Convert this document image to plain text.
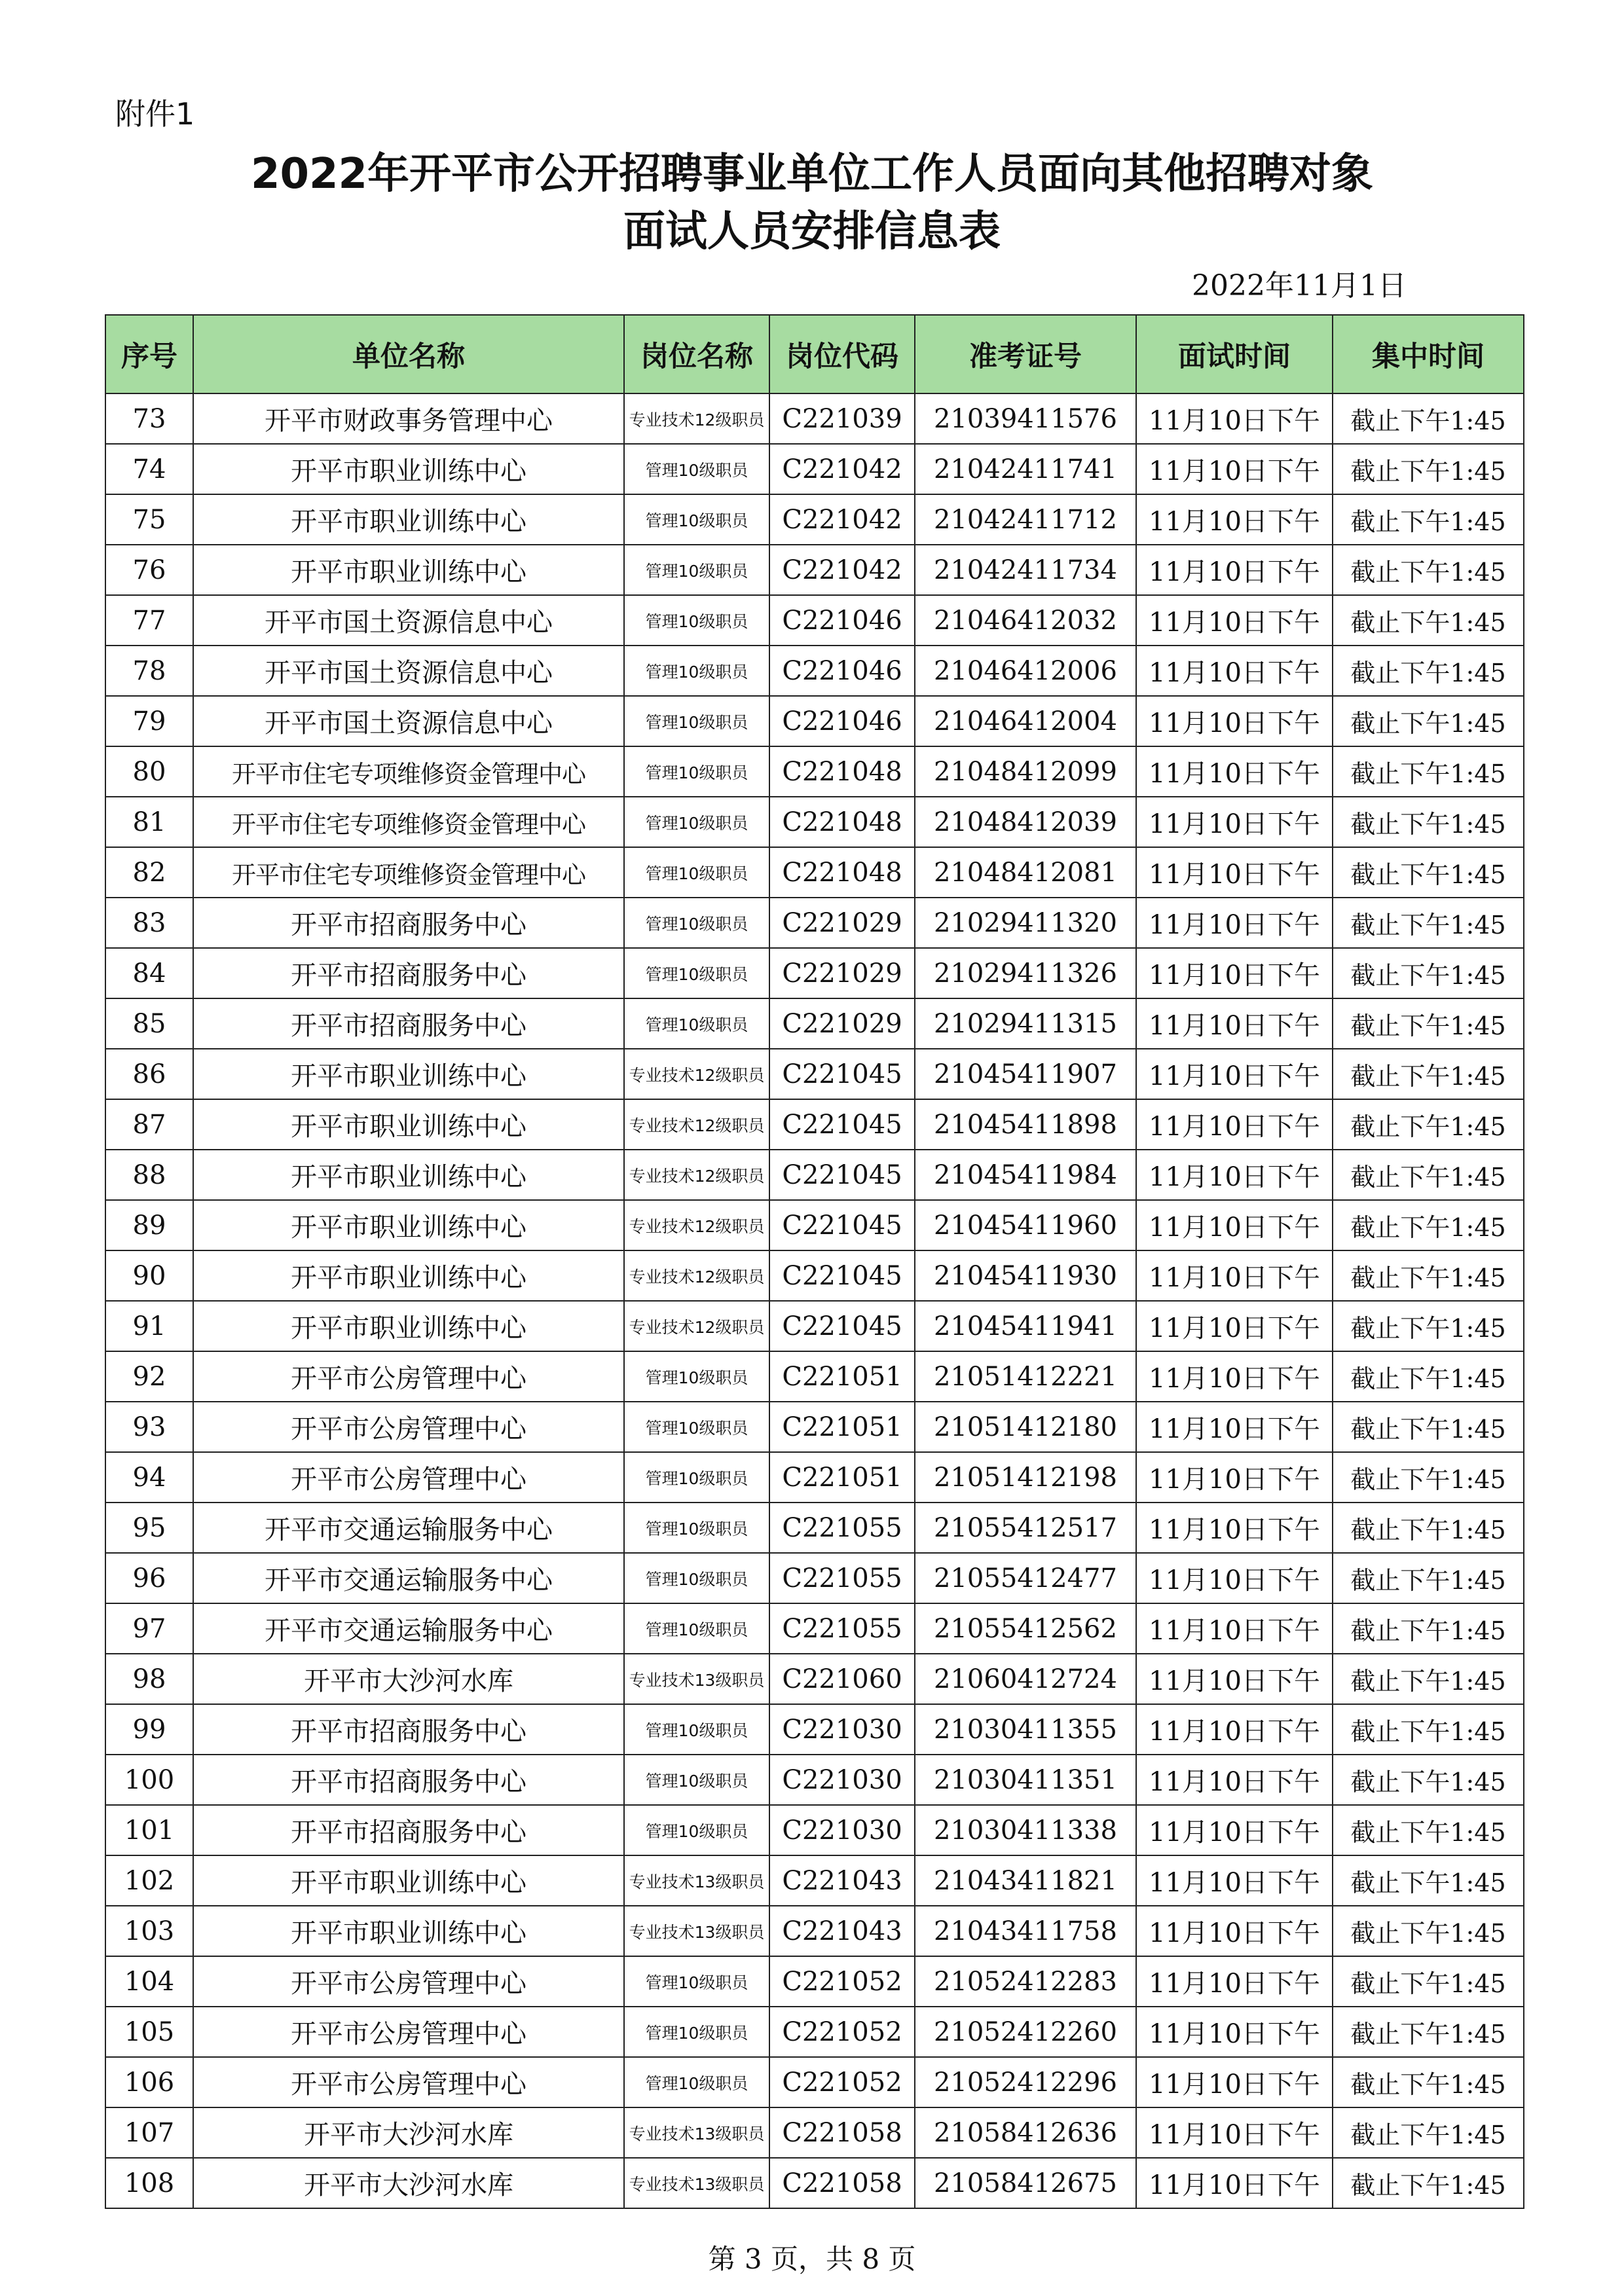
附件1
2022年开平市公开招聘事业单位工作人员面向其他招聘对象
面试人员安排信息表
2022年11月1日
序号	单位名称	岗位名称	岗位代码	准考证号	面试时间	集中时间
73	开平市财政事务管理中心	专业技术12级职员	C221039	21039411576	11月10日下午	截止下午1:45
74	开平市职业训练中心	管理10级职员	C221042	21042411741	11月10日下午	截止下午1:45
75	开平市职业训练中心	管理10级职员	C221042	21042411712	11月10日下午	截止下午1:45
76	开平市职业训练中心	管理10级职员	C221042	21042411734	11月10日下午	截止下午1:45
77	开平市国土资源信息中心	管理10级职员	C221046	21046412032	11月10日下午	截止下午1:45
78	开平市国土资源信息中心	管理10级职员	C221046	21046412006	11月10日下午	截止下午1:45
79	开平市国土资源信息中心	管理10级职员	C221046	21046412004	11月10日下午	截止下午1:45
80	开平市住宅专项维修资金管理中心	管理10级职员	C221048	21048412099	11月10日下午	截止下午1:45
81	开平市住宅专项维修资金管理中心	管理10级职员	C221048	21048412039	11月10日下午	截止下午1:45
82	开平市住宅专项维修资金管理中心	管理10级职员	C221048	21048412081	11月10日下午	截止下午1:45
83	开平市招商服务中心	管理10级职员	C221029	21029411320	11月10日下午	截止下午1:45
84	开平市招商服务中心	管理10级职员	C221029	21029411326	11月10日下午	截止下午1:45
85	开平市招商服务中心	管理10级职员	C221029	21029411315	11月10日下午	截止下午1:45
86	开平市职业训练中心	专业技术12级职员	C221045	21045411907	11月10日下午	截止下午1:45
87	开平市职业训练中心	专业技术12级职员	C221045	21045411898	11月10日下午	截止下午1:45
88	开平市职业训练中心	专业技术12级职员	C221045	21045411984	11月10日下午	截止下午1:45
89	开平市职业训练中心	专业技术12级职员	C221045	21045411960	11月10日下午	截止下午1:45
90	开平市职业训练中心	专业技术12级职员	C221045	21045411930	11月10日下午	截止下午1:45
91	开平市职业训练中心	专业技术12级职员	C221045	21045411941	11月10日下午	截止下午1:45
92	开平市公房管理中心	管理10级职员	C221051	21051412221	11月10日下午	截止下午1:45
93	开平市公房管理中心	管理10级职员	C221051	21051412180	11月10日下午	截止下午1:45
94	开平市公房管理中心	管理10级职员	C221051	21051412198	11月10日下午	截止下午1:45
95	开平市交通运输服务中心	管理10级职员	C221055	21055412517	11月10日下午	截止下午1:45
96	开平市交通运输服务中心	管理10级职员	C221055	21055412477	11月10日下午	截止下午1:45
97	开平市交通运输服务中心	管理10级职员	C221055	21055412562	11月10日下午	截止下午1:45
98	开平市大沙河水库	专业技术13级职员	C221060	21060412724	11月10日下午	截止下午1:45
99	开平市招商服务中心	管理10级职员	C221030	21030411355	11月10日下午	截止下午1:45
100	开平市招商服务中心	管理10级职员	C221030	21030411351	11月10日下午	截止下午1:45
101	开平市招商服务中心	管理10级职员	C221030	21030411338	11月10日下午	截止下午1:45
102	开平市职业训练中心	专业技术13级职员	C221043	21043411821	11月10日下午	截止下午1:45
103	开平市职业训练中心	专业技术13级职员	C221043	21043411758	11月10日下午	截止下午1:45
104	开平市公房管理中心	管理10级职员	C221052	21052412283	11月10日下午	截止下午1:45
105	开平市公房管理中心	管理10级职员	C221052	21052412260	11月10日下午	截止下午1:45
106	开平市公房管理中心	管理10级职员	C221052	21052412296	11月10日下午	截止下午1:45
107	开平市大沙河水库	专业技术13级职员	C221058	21058412636	11月10日下午	截止下午1:45
108	开平市大沙河水库	专业技术13级职员	C221058	21058412675	11月10日下午	截止下午1:45
第 3 页，共 8 页
